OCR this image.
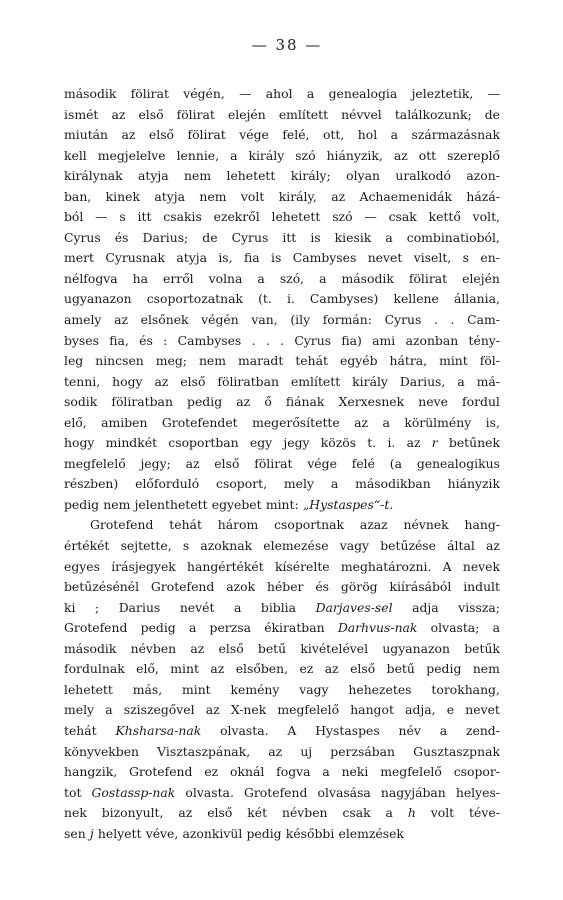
— 38 —
második fölirat végén, — ahol a genealogia jeleztetik, —
ismét az első fölirat elején említett névvel találkozunk; de
miután az első fölirat vége felé, ott, hol a származásnak
kell megjelelve lennie, a király szó hiányzik, az ott szereplő
királynak atyja nem lehetett király; olyan uralkodó azon-
ban, kinek atyja nem volt király, az Achaemenidák házá-
ból — s itt csakis ezekről lehetett szó — csak kettő volt,
Cyrus és Darius; de Cyrus itt is kiesik a combinatioból,
mert Cyrusnak atyja is, fia is Cambyses nevet viselt, s en-
nélfogva ha erről volna a szó, a második fölirat elején
ugyanazon csoportozatnak (t. i. Cambyses) kellene állania,
amely az elsőnek végén van, (ily formán: Cyrus . . Cam-
byses fia, és : Cambyses . . . Cyrus fia) ami azonban tény-
leg nincsen meg; nem maradt tehát egyéb hátra, mint föl-
tenni, hogy az első föliratban említett király Darius, a má-
sodik föliratban pedig az ő fiának Xerxesnek neve fordul
elő, amiben Grotefendet megerősítette az a körülmény is,
hogy mindkét csoportban egy jegy közös t. i. az r betűnek
megfelelő jegy; az első fölirat vége felé (a genealogikus
részben) előforduló csoport, mely a másodikban hiányzik
pedig nem jelenthetett egyebet mint: „Hystaspes“-t.
Grotefend tehát három csoportnak azaz névnek hang-
értékét sejtette, s azoknak elemezése vagy betűzése által az
egyes írásjegyek hangértékét kísérelte meghatározni. A nevek
betűzésénél Grotefend azok héber és görög kiírásából indult
ki ; Darius nevét a biblia Darjaves-sel adja vissza;
Grotefend pedig a perzsa ékiratban Darhvus-nak olvasta; a
második névben az első betű kivételével ugyanazon betűk
fordulnak elő, mint az elsőben, ez az első betű pedig nem
lehetett más, mint kemény vagy hehezetes torokhang,
mely a sziszegővel az X-nek megfelelő hangot adja, e nevet
tehát Khsharsa-nak olvasta. A Hystaspes név a zend-
könyvekben Visztaszpának, az uj perzsában Gusztaszpnak
hangzik, Grotefend ez oknál fogva a neki megfelelő csopor-
tot Gostassp-nak olvasta. Grotefend olvasása nagyjában helyes-
nek bizonyult, az első két névben csak a h volt téve-
sen j helyett véve, azonkivül pedig későbbi elemzések
